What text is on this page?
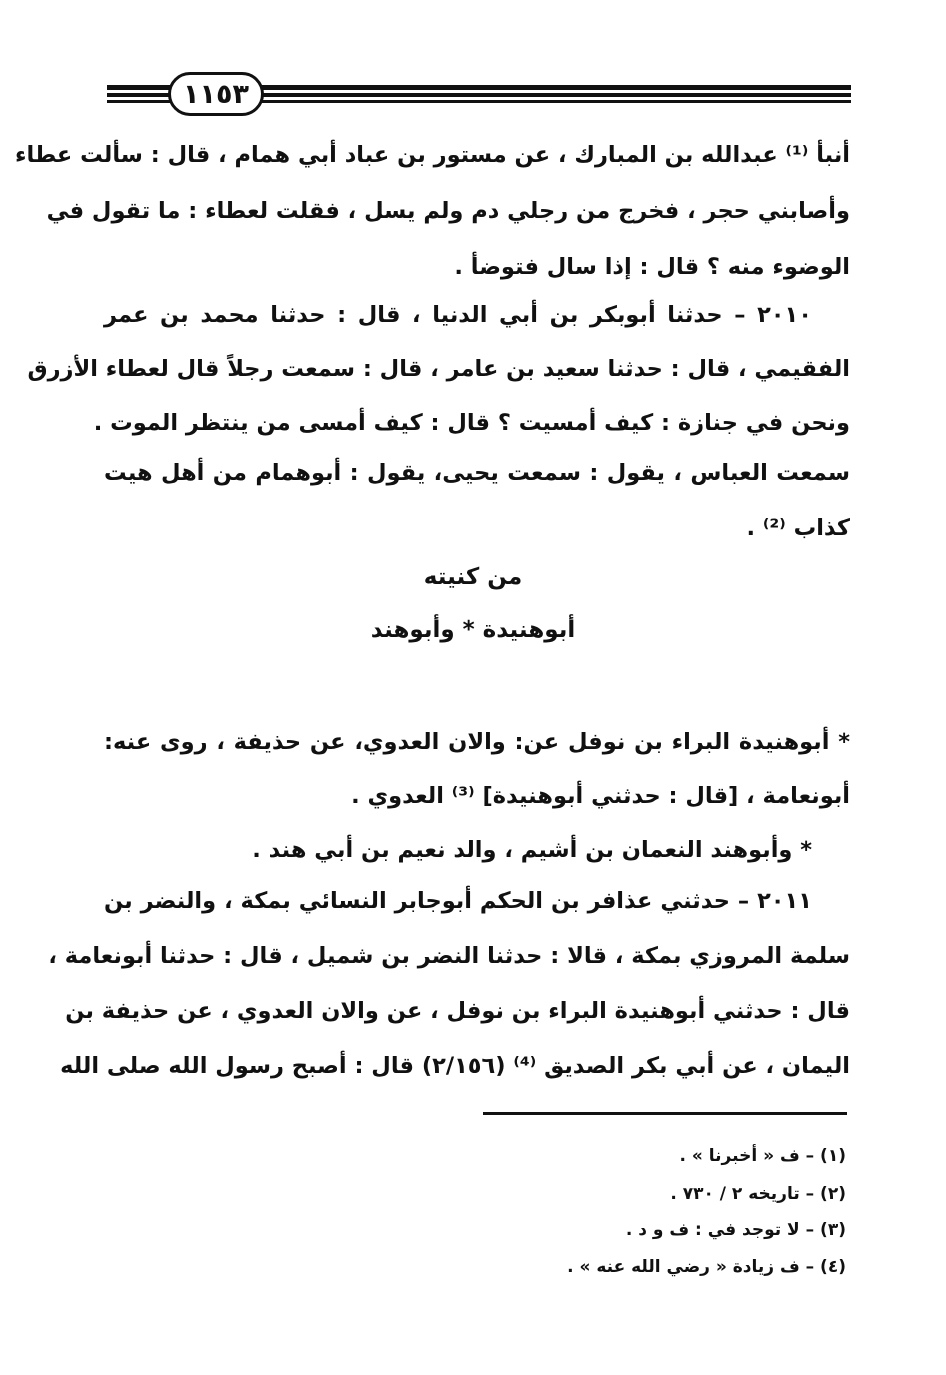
١١٥٣
أنبأ ⁽¹⁾ عبدالله بن المبارك ، عن مستور بن عباد أبي همام ، قال : سألت عطاء
وأصابني حجر ، فخرج من رجلي دم ولم يسل ، فقلت لعطاء : ما تقول في
الوضوء منه ؟ قال : إذا سال فتوضأ .
٢٠١٠ – حدثنا أبوبكر بن أبي الدنيا ، قال : حدثنا محمد بن عمر
الفقيمي ، قال : حدثنا سعيد بن عامر ، قال : سمعت رجلاً قال لعطاء الأزرق
ونحن في جنازة : كيف أمسيت ؟ قال : كيف أمسى من ينتظر الموت .
سمعت العباس ، يقول : سمعت يحيى، يقول : أبوهمام من أهل هيت
كذاب ⁽²⁾ .
من كنيته
أبوهنيدة * وأبوهند
* أبوهنيدة البراء بن نوفل عن: والان العدوي، عن حذيفة ، روى عنه:
أبونعامة ، [قال : حدثني أبوهنيدة] ⁽³⁾ العدوي .
* وأبوهند النعمان بن أشيم ، والد نعيم بن أبي هند .
٢٠١١ – حدثني عذافر بن الحكم أبوجابر النسائي بمكة ، والنضر بن
سلمة المروزي بمكة ، قالا : حدثنا النضر بن شميل ، قال : حدثنا أبونعامة ،
قال : حدثني أبوهنيدة البراء بن نوفل ، عن والان العدوي ، عن حذيفة بن
اليمان ، عن أبي بكر الصديق ⁽⁴⁾ (٢/١٥٦) قال : أصبح رسول الله صلى الله
(١) – ف « أخبرنا » .
(٢) – تاريخه ٢ / ٧٣٠ .
(٣) – لا توجد في : ف و د .
(٤) – ف زيادة « رضي الله عنه » .
